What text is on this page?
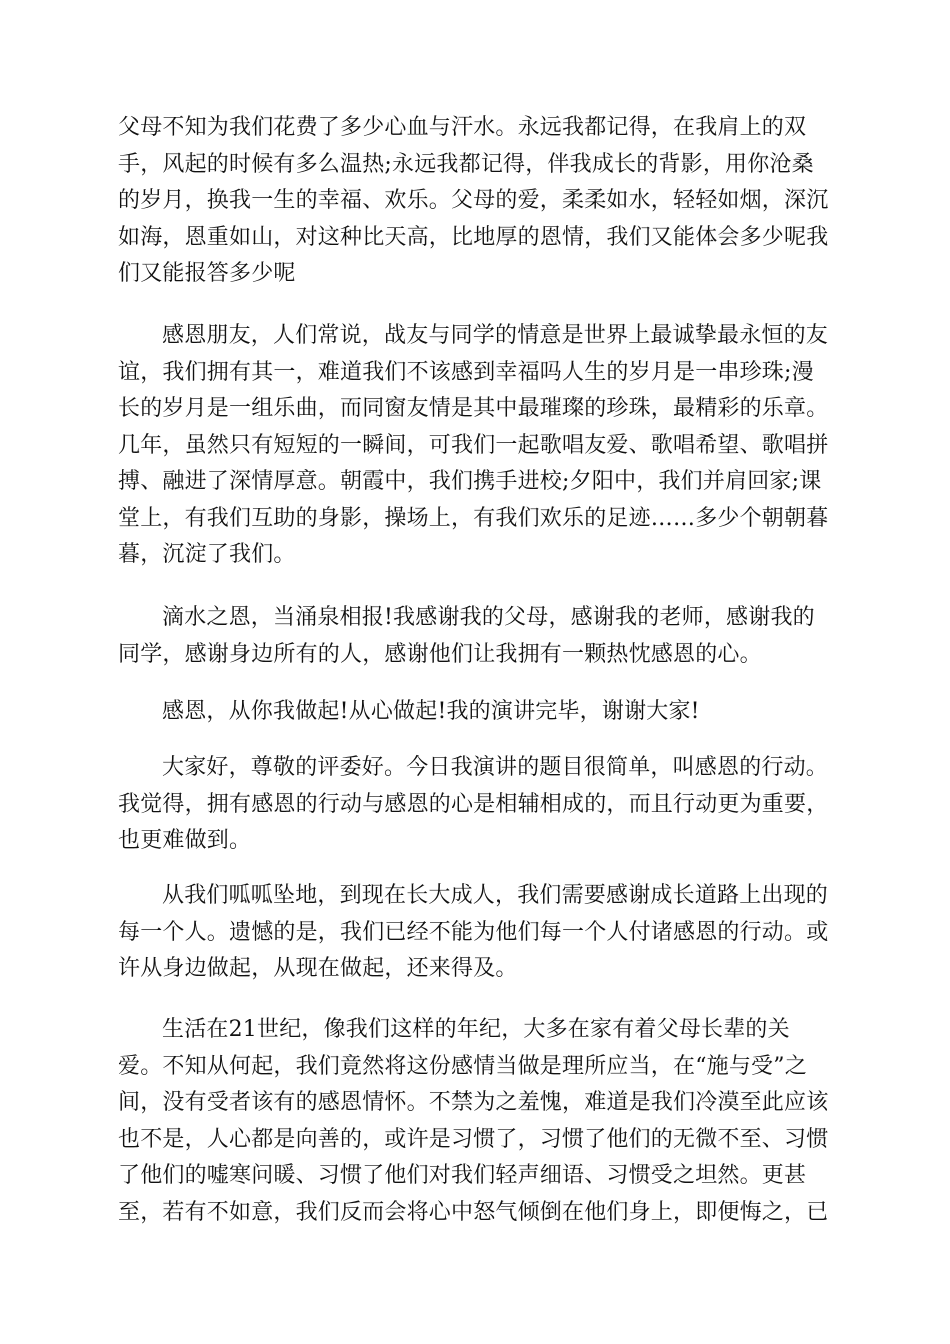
父母不知为我们花费了多少心血与汗水。永远我都记得，在我肩上的双
手，风起的时候有多么温热;永远我都记得，伴我成长的背影，用你沧桑
的岁月，换我一生的幸福、欢乐。父母的爱，柔柔如水，轻轻如烟，深沉
如海，恩重如山，对这种比天高，比地厚的恩情，我们又能体会多少呢我
们又能报答多少呢
感恩朋友，人们常说，战友与同学的情意是世界上最诚挚最永恒的友
谊，我们拥有其一，难道我们不该感到幸福吗人生的岁月是一串珍珠;漫
长的岁月是一组乐曲，而同窗友情是其中最璀璨的珍珠，最精彩的乐章。
几年，虽然只有短短的一瞬间，可我们一起歌唱友爱、歌唱希望、歌唱拼
搏、融进了深情厚意。朝霞中，我们携手进校;夕阳中，我们并肩回家;课
堂上，有我们互助的身影，操场上，有我们欢乐的足迹……多少个朝朝暮
暮，沉淀了我们。
滴水之恩，当涌泉相报!我感谢我的父母，感谢我的老师，感谢我的
同学，感谢身边所有的人，感谢他们让我拥有一颗热忱感恩的心。
感恩，从你我做起!从心做起!我的演讲完毕，谢谢大家!
大家好，尊敬的评委好。今日我演讲的题目很简单，叫感恩的行动。
我觉得，拥有感恩的行动与感恩的心是相辅相成的，而且行动更为重要，
也更难做到。
从我们呱呱坠地，到现在长大成人，我们需要感谢成长道路上出现的
每一个人。遗憾的是，我们已经不能为他们每一个人付诸感恩的行动。或
许从身边做起，从现在做起，还来得及。
生活在21世纪，像我们这样的年纪，大多在家有着父母长辈的关
爱。不知从何起，我们竟然将这份感情当做是理所应当，在“施与受”之
间，没有受者该有的感恩情怀。不禁为之羞愧，难道是我们冷漠至此应该
也不是，人心都是向善的，或许是习惯了，习惯了他们的无微不至、习惯
了他们的嘘寒问暖、习惯了他们对我们轻声细语、习惯受之坦然。更甚
至，若有不如意，我们反而会将心中怒气倾倒在他们身上，即便悔之，已
